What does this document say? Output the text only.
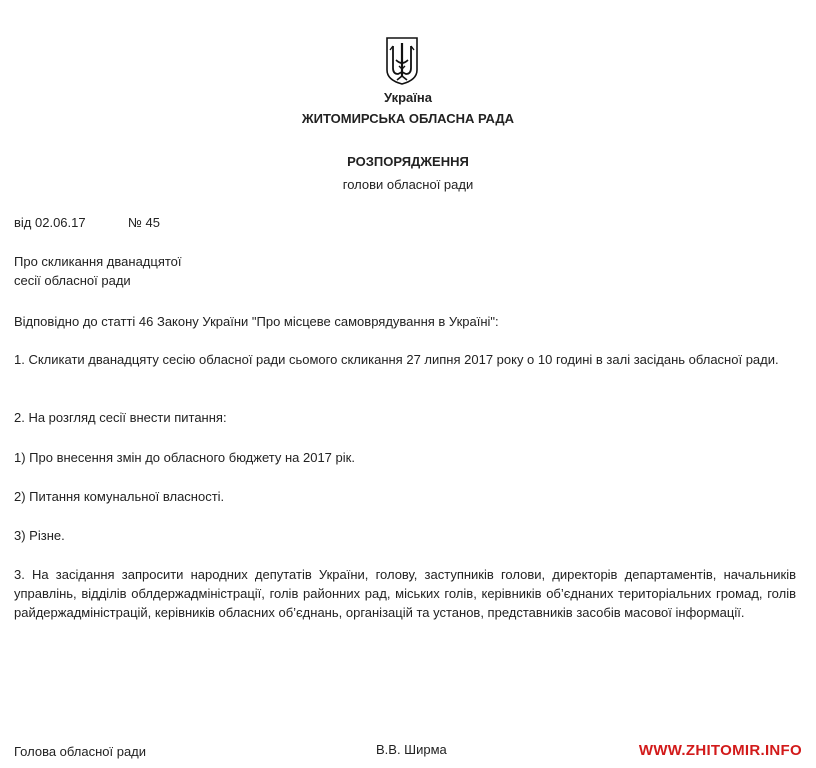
Україна

ЖИТОМИРСЬКА ОБЛАСНА РАДА

РОЗПОРЯДЖЕННЯ

голови обласної ради

від 02.06.17	№ 45

Про скликання дванадцятої
сесії обласної ради

Відповідно до статті 46 Закону України "Про місцеве самоврядування в Україні":

1. Скликати дванадцяту сесію обласної ради сьомого скликання 27 липня 2017 року о 10 годині в залі засідань обласної ради.

2. На розгляд сесії внести питання:

1) Про внесення змін до обласного бюджету на 2017 рік.

2) Питання комунальної власності.

3) Різне.

3. На засідання запросити народних депутатів України, голову, заступників голови, директорів департаментів, начальників управлінь, відділів облдержадміністрації, голів районних рад, міських голів, керівників об’єднаних територіальних громад, голів райдержадміністрацій, керівників обласних об’єднань, організацій та установ, представників засобів масової інформації.

Голова обласної ради	В.В. Ширма	WWW.ZHITOMIR.INFO
